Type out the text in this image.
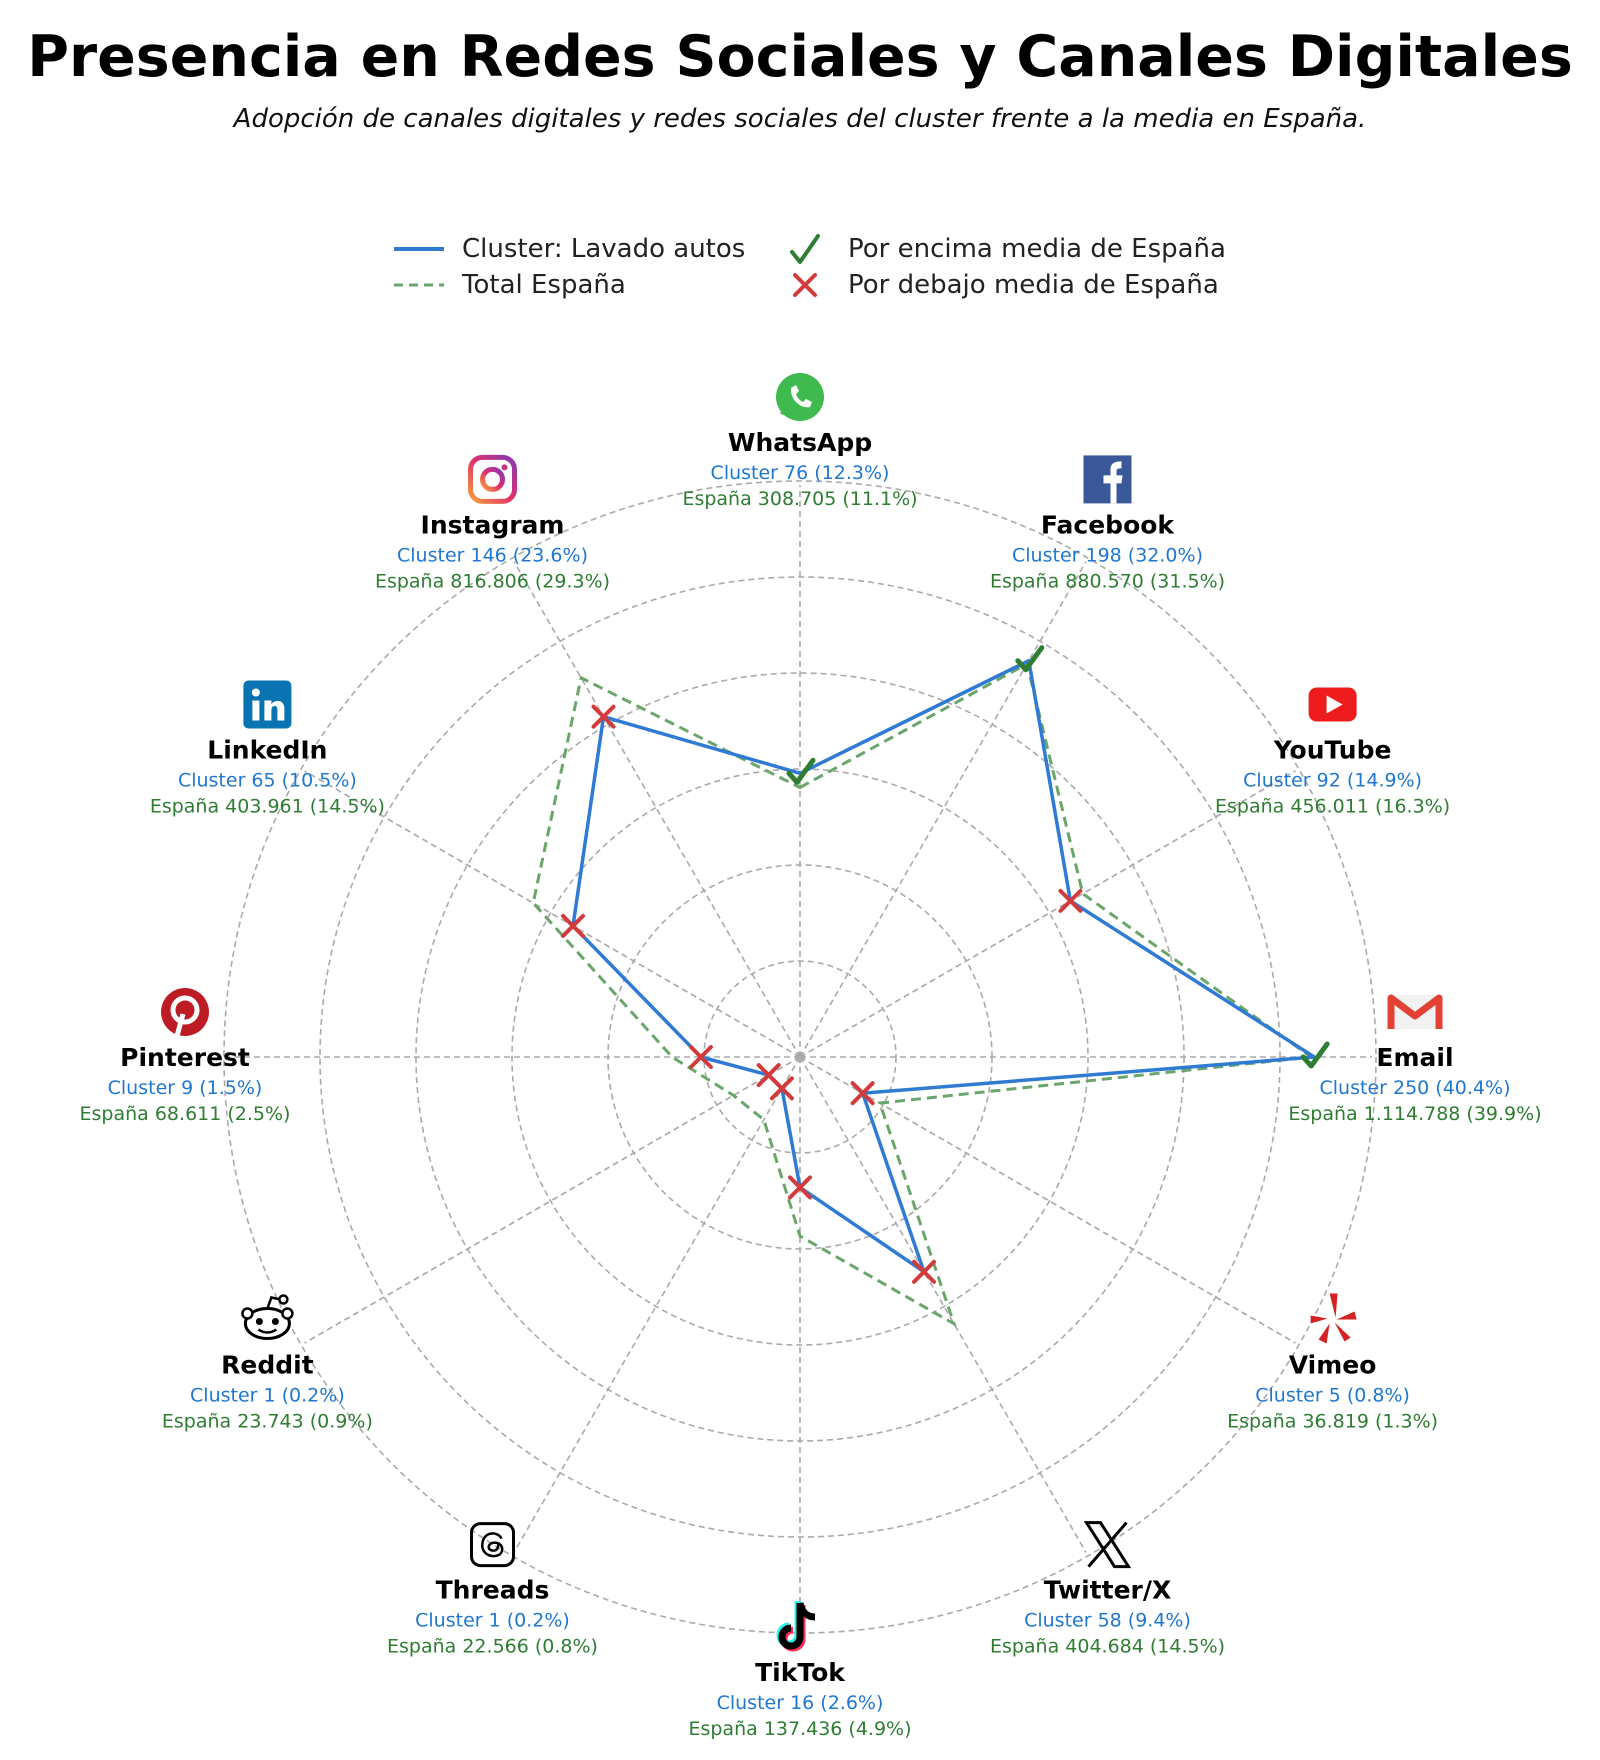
Presencia en Redes Sociales y Canales Digitales
Adopción de canales digitales y redes sociales del cluster frente a la media en España.
Cluster: Lavado autos
Total España
Por encima media de España
Por debajo media de España
WhatsApp
Cluster 76 (12.3%)
España 308.705 (11.1%)
Facebook
Cluster 198 (32.0%)
España 880.570 (31.5%)
YouTube
Cluster 92 (14.9%)
España 456.011 (16.3%)
Email
Cluster 250 (40.4%)
España 1.114.788 (39.9%)
Vimeo
Cluster 5 (0.8%)
España 36.819 (1.3%)
Twitter/X
Cluster 58 (9.4%)
España 404.684 (14.5%)
TikTok
Cluster 16 (2.6%)
España 137.436 (4.9%)
Threads
Cluster 1 (0.2%)
España 22.566 (0.8%)
Reddit
Cluster 1 (0.2%)
España 23.743 (0.9%)
Pinterest
Cluster 9 (1.5%)
España 68.611 (2.5%)
LinkedIn
Cluster 65 (10.5%)
España 403.961 (14.5%)
Instagram
Cluster 146 (23.6%)
España 816.806 (29.3%)
